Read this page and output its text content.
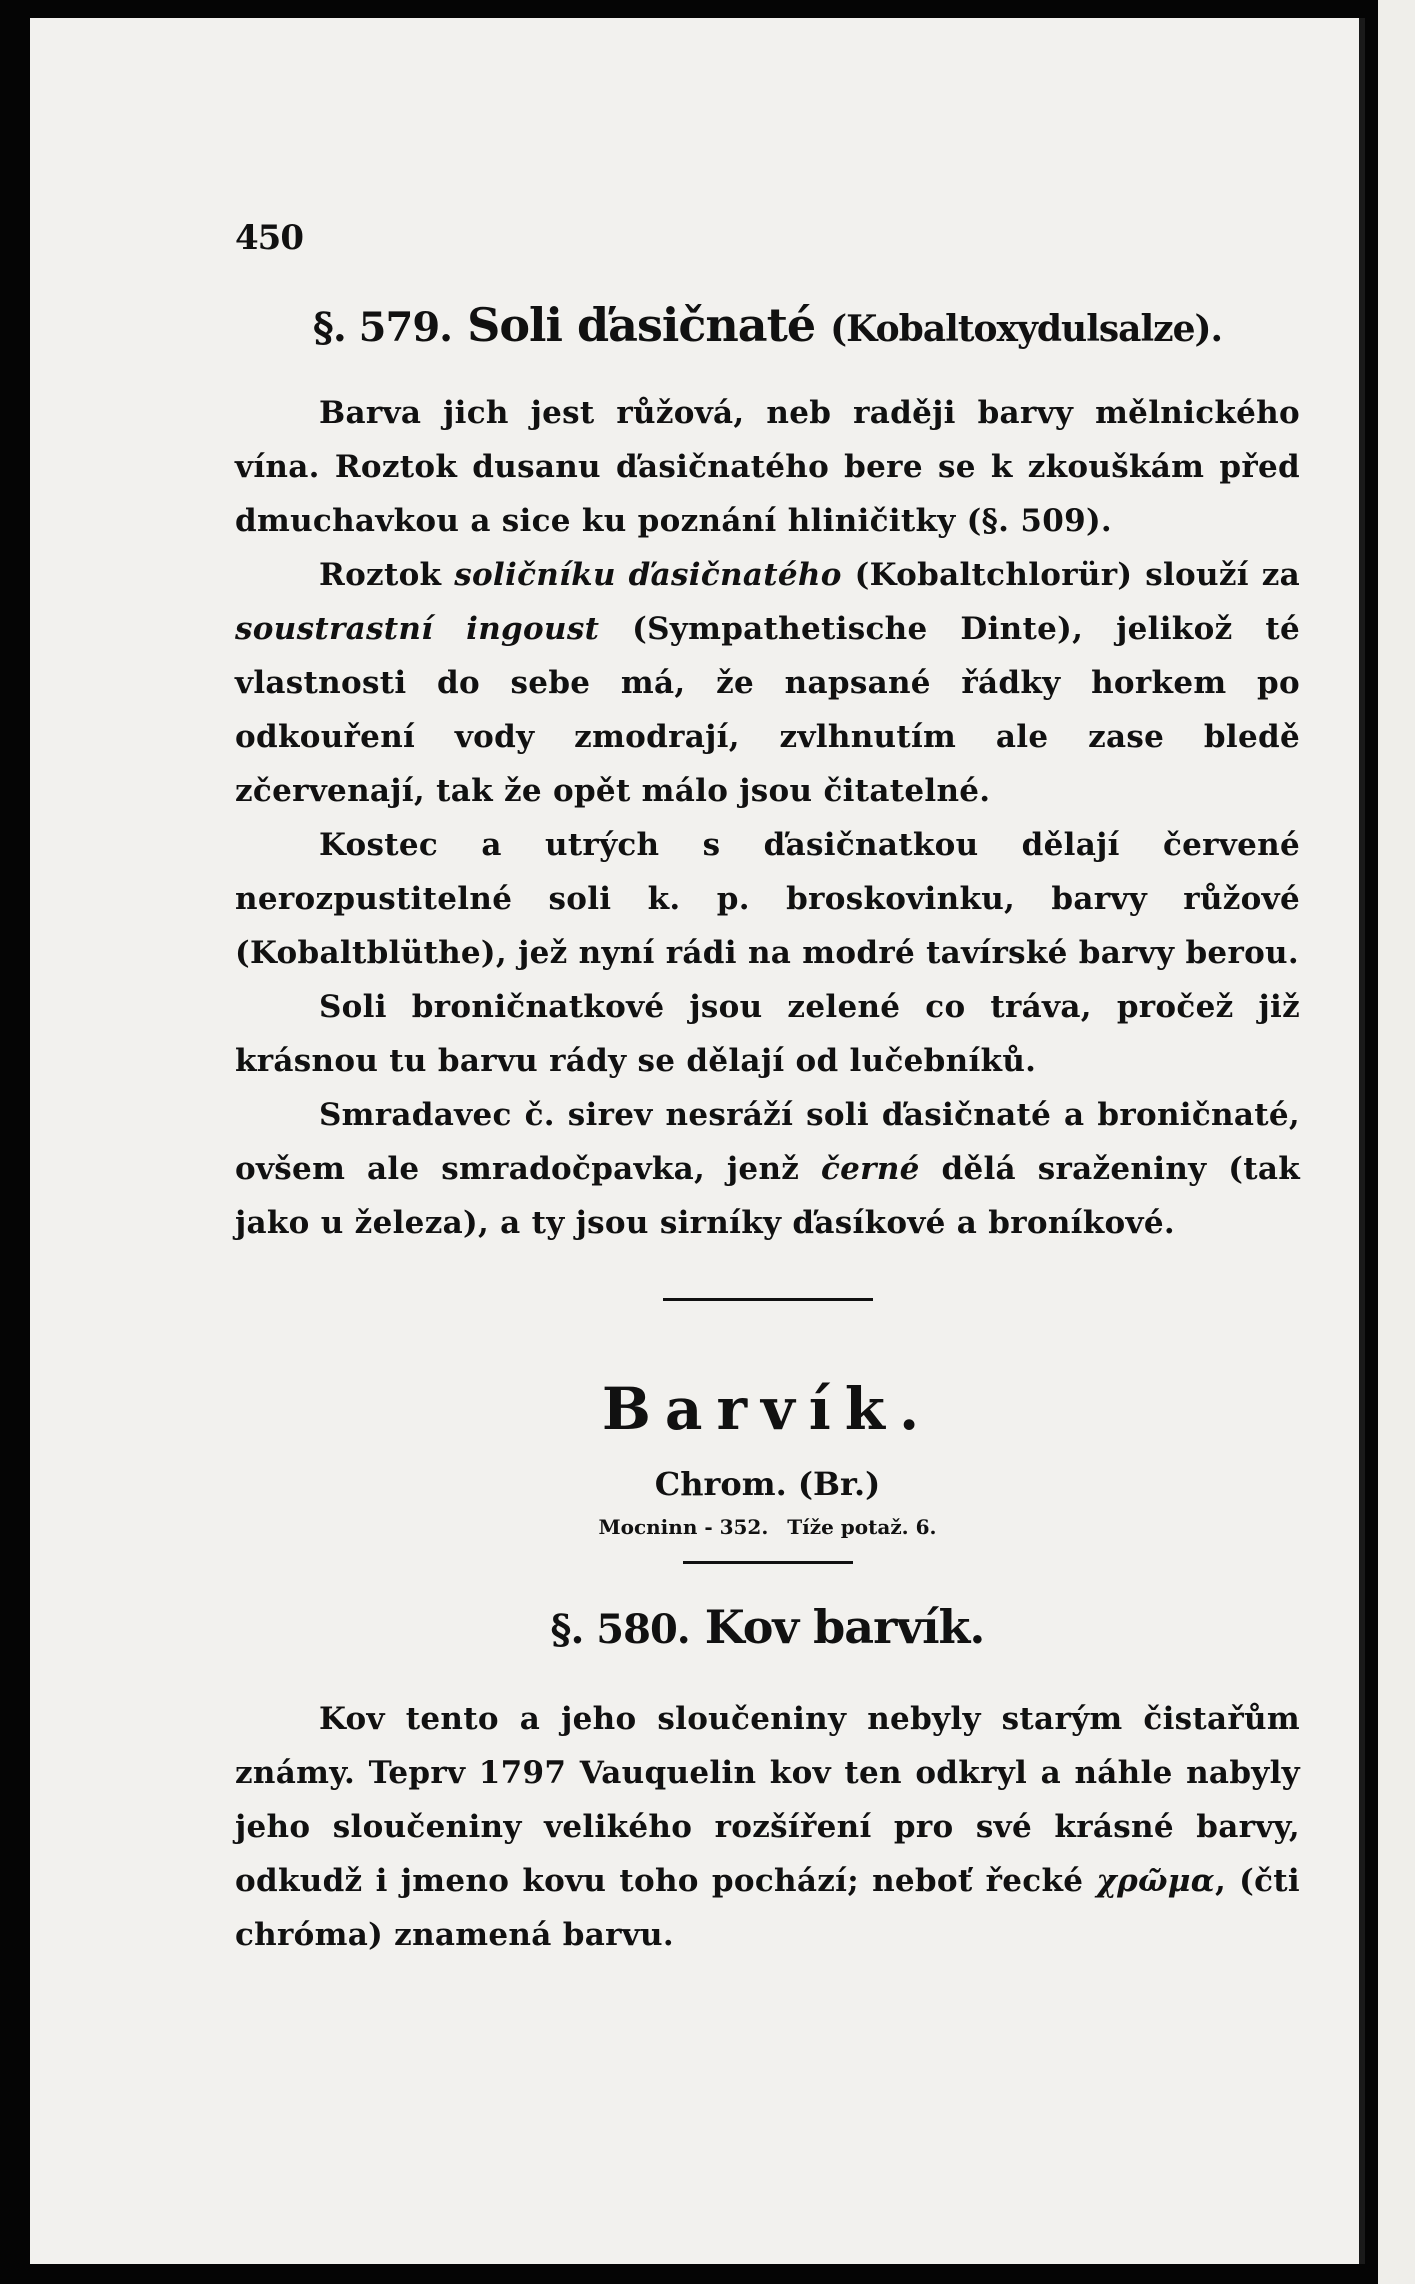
450
§. 579. Soli ďasičnaté (Kobaltoxydulsalze).

Barva jich jest růžová, neb raději barvy mělnického vína. Roztok dusanu ďasičnatého bere se k zkouškám před dmuchavkou a sice ku poznání hliničitky (§. 509).

Roztok soličníku ďasičnatého (Kobaltchlorür) slouží za soustrastní ingoust (Sympathetische Dinte), jelikož té vlastnosti do sebe má, že napsané řádky horkem po odkouření vody zmodrají, zvlhnutím ale zase bledě zčervenají, tak že opět málo jsou čitatelné.

Kostec a utrých s ďasičnatkou dělají červené nerozpustitelné soli k. p. broskovinku, barvy růžové (Kobaltblüthe), jež nyní rádi na modré tavírské barvy berou.

Soli broničnatkové jsou zelené co tráva, pročež již krásnou tu barvu rády se dělají od lučebníků.

Smradavec č. sirev nesráží soli ďasičnaté a broničnaté, ovšem ale smradočpavka, jenž černé dělá sraženiny (tak jako u železa), a ty jsou sirníky ďasíkové a broníkové.

Barvík.
Chrom. (Br.)
Mocninn - 352. Tíže potaž. 6.
§. 580. Kov barvík.

Kov tento a jeho sloučeniny nebyly starým čistařům známy. Teprv 1797 Vauquelin kov ten odkryl a náhle nabyly jeho sloučeniny velikého rozšíření pro své krásné barvy, odkudž i jmeno kovu toho pochází; neboť řecké χρῶμα, (čti chróma) znamená barvu.
